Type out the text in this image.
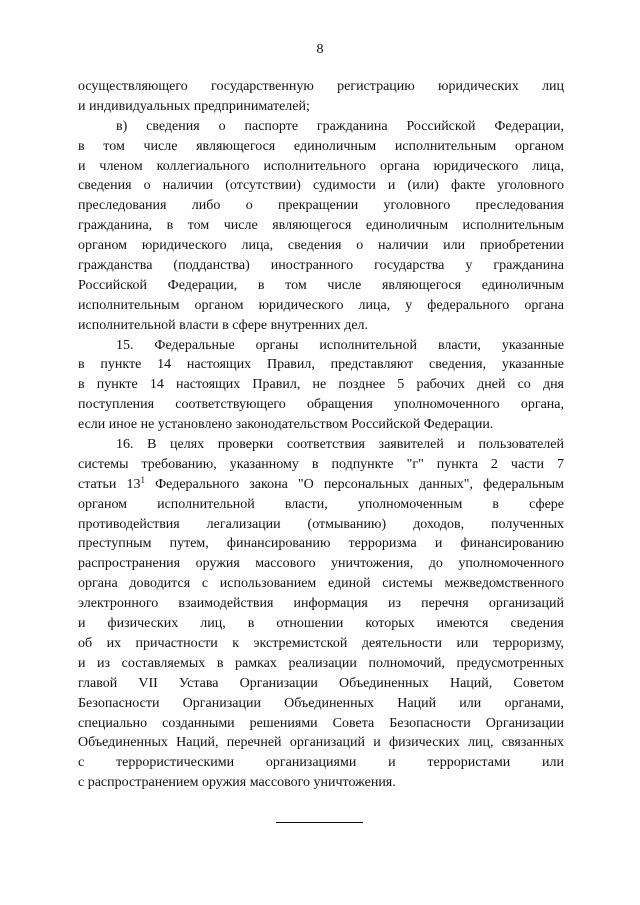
8
осуществляющего государственную регистрацию юридических лиц
и индивидуальных предпринимателей;
в) сведения о паспорте гражданина Российской Федерации,
в том числе являющегося единоличным исполнительным органом
и членом коллегиального исполнительного органа юридического лица,
сведения о наличии (отсутствии) судимости и (или) факте уголовного
преследования либо о прекращении уголовного преследования
гражданина, в том числе являющегося единоличным исполнительным
органом юридического лица, сведения о наличии или приобретении
гражданства (подданства) иностранного государства у гражданина
Российской Федерации, в том числе являющегося единоличным
исполнительным органом юридического лица, у федерального органа
исполнительной власти в сфере внутренних дел.
15. Федеральные органы исполнительной власти, указанные
в пункте 14 настоящих Правил, представляют сведения, указанные
в пункте 14 настоящих Правил, не позднее 5 рабочих дней со дня
поступления соответствующего обращения уполномоченного органа,
если иное не установлено законодательством Российской Федерации.
16. В целях проверки соответствия заявителей и пользователей
системы требованию, указанному в подпункте "г" пункта 2 части 7
статьи $13^1$ Федерального закона "О персональных данных", федеральным
органом исполнительной власти, уполномоченным в сфере
противодействия легализации (отмыванию) доходов, полученных
преступным путем, финансированию терроризма и финансированию
распространения оружия массового уничтожения, до уполномоченного
органа доводится с использованием единой системы межведомственного
электронного взаимодействия информация из перечня организаций
и физических лиц, в отношении которых имеются сведения
об их причастности к экстремистской деятельности или терроризму,
и из составляемых в рамках реализации полномочий, предусмотренных
главой VII Устава Организации Объединенных Наций, Советом
Безопасности Организации Объединенных Наций или органами,
специально созданными решениями Совета Безопасности Организации
Объединенных Наций, перечней организаций и физических лиц, связанных
с террористическими организациями и террористами или
с распространением оружия массового уничтожения.
